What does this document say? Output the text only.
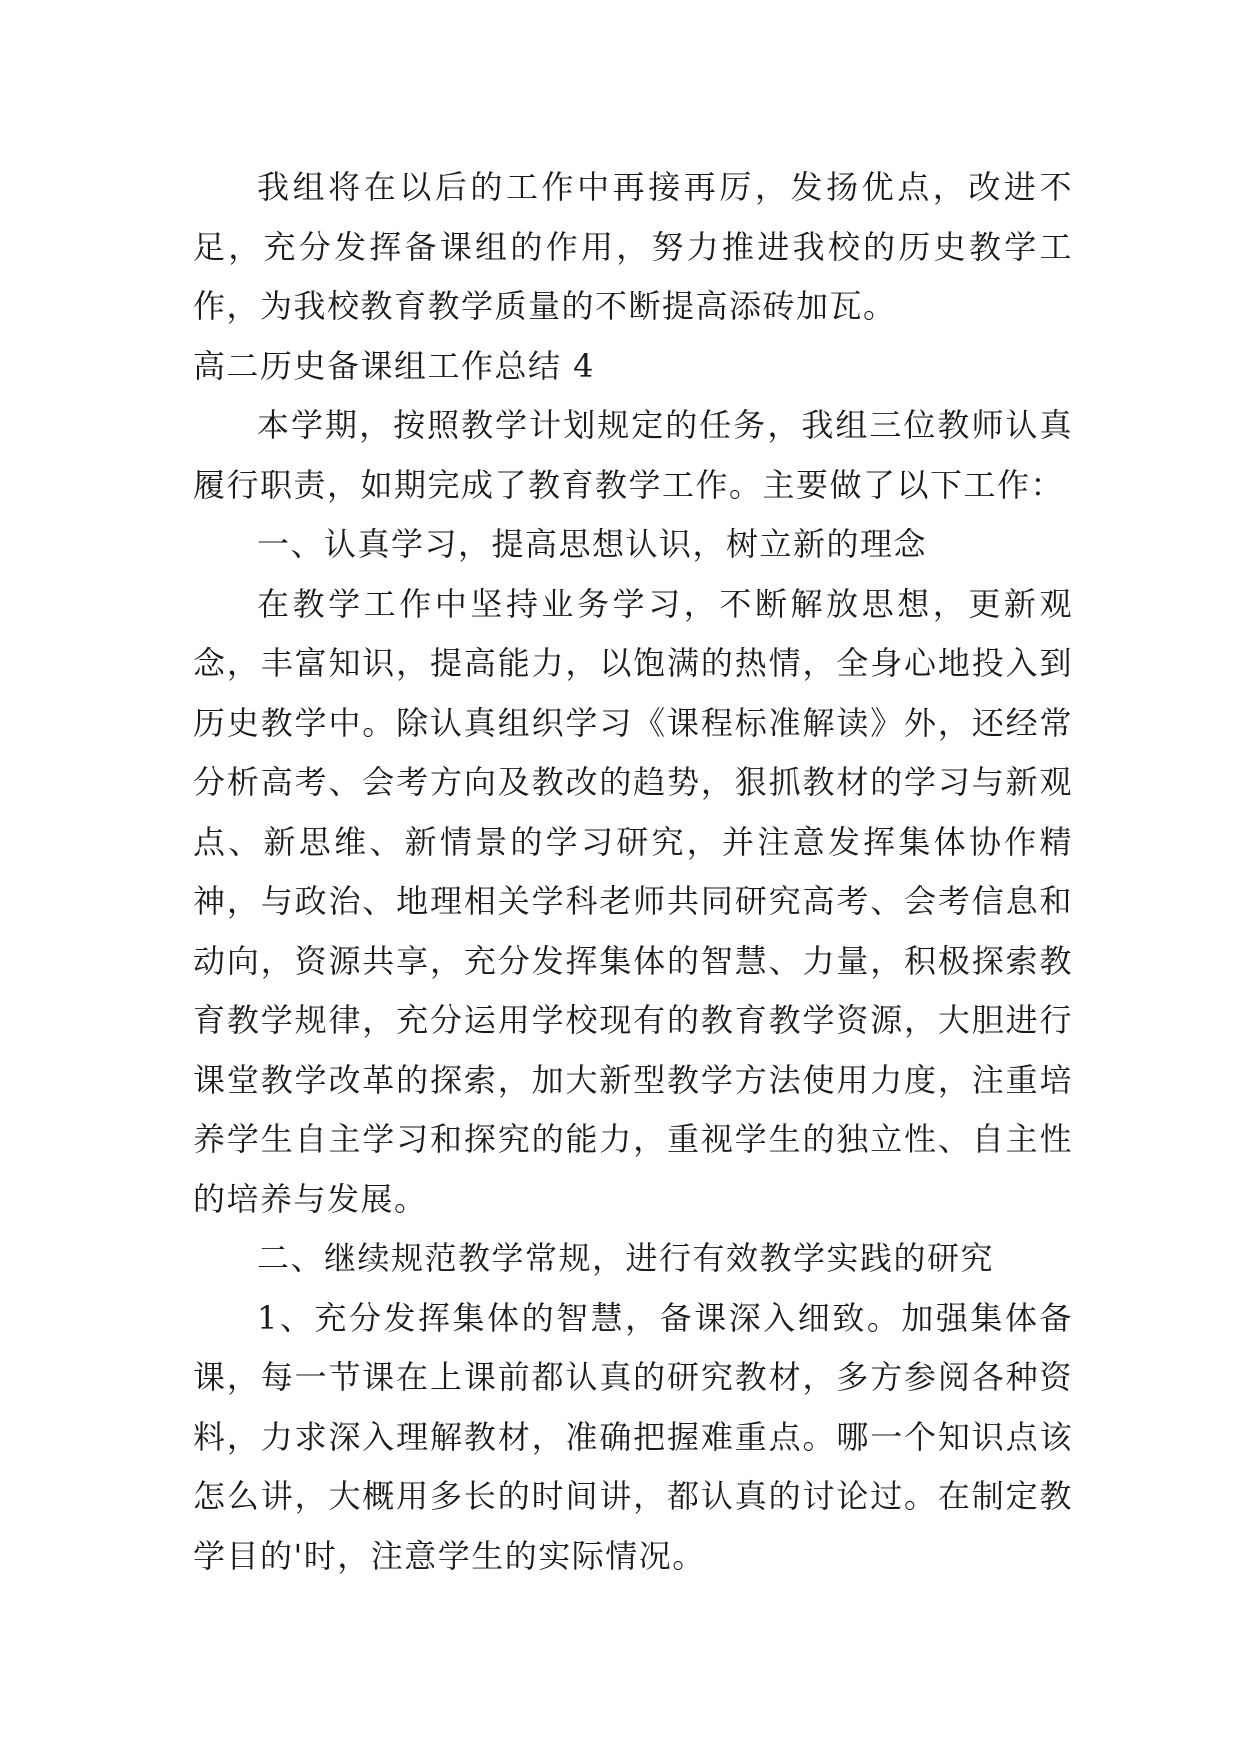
我组将在以后的工作中再接再厉，发扬优点，改进不足，充分发挥备课组的作用，努力推进我校的历史教学工作，为我校教育教学质量的不断提高添砖加瓦。

高二历史备课组工作总结 4

本学期，按照教学计划规定的任务，我组三位教师认真履行职责，如期完成了教育教学工作。主要做了以下工作：

一、认真学习，提高思想认识，树立新的理念

在教学工作中坚持业务学习，不断解放思想，更新观念，丰富知识，提高能力，以饱满的热情，全身心地投入到历史教学中。除认真组织学习《课程标准解读》外，还经常分析高考、会考方向及教改的趋势，狠抓教材的学习与新观点、新思维、新情景的学习研究，并注意发挥集体协作精神，与政治、地理相关学科老师共同研究高考、会考信息和动向，资源共享，充分发挥集体的智慧、力量，积极探索教育教学规律，充分运用学校现有的教育教学资源，大胆进行课堂教学改革的探索，加大新型教学方法使用力度，注重培养学生自主学习和探究的能力，重视学生的独立性、自主性的培养与发展。

二、继续规范教学常规，进行有效教学实践的研究

1、充分发挥集体的智慧，备课深入细致。加强集体备课，每一节课在上课前都认真的研究教材，多方参阅各种资料，力求深入理解教材，准确把握难重点。哪一个知识点该怎么讲，大概用多长的时间讲，都认真的讨论过。在制定教学目的'时，注意学生的实际情况。
